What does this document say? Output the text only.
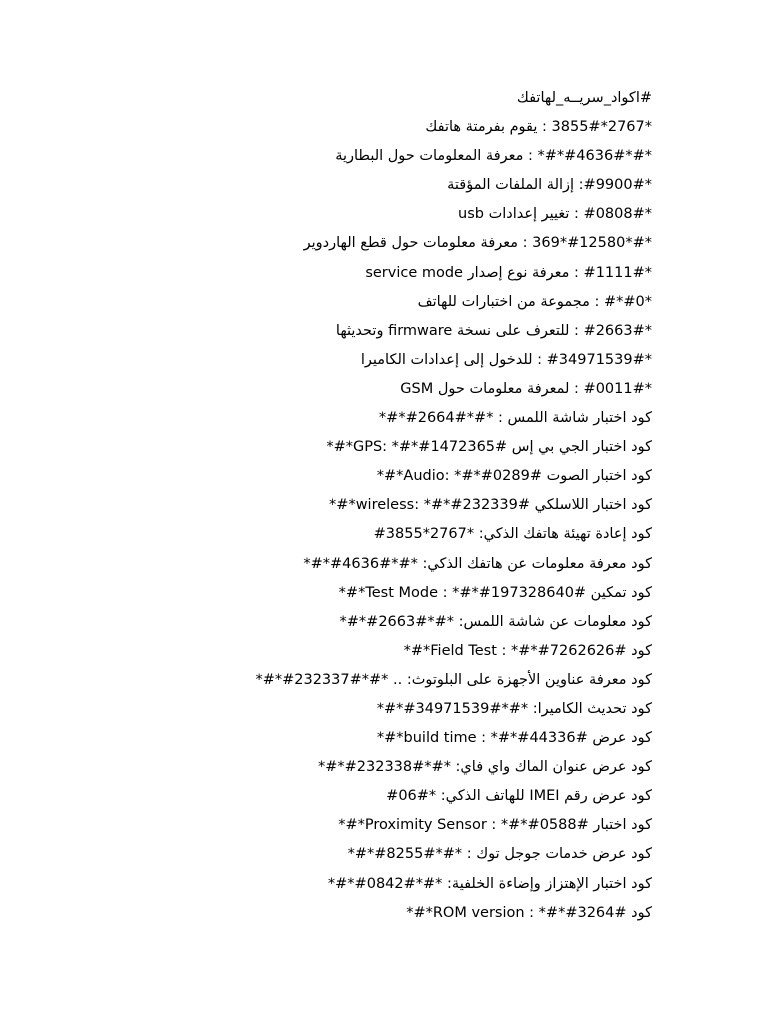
#اكواد_سريــه_لهاتفك
*2767*3855# : يقوم بفرمتة هاتفك
*#*#4636#*#* : معرفة المعلومات حول البطارية
*#9900#: إزالة الملفات المؤقتة
*#0808# : تغيير إعدادات usb
*#*#12580*369 : معرفة معلومات حول قطع الهاردوير
*#1111# : معرفة نوع إصدار service mode
*#0*# : مجموعة من اختبارات للهاتف
*#2663# : للتعرف على نسخة firmware وتحديثها
*#34971539# : للدخول إلى إعدادات الكاميرا
*#0011# : لمعرفة معلومات حول GSM
كود اختبار شاشة اللمس : *#*#2664#*#*
كود اختبار الجي بي إس GPS: *#*#1472365#*#*
كود اختبار الصوت Audio: *#*#0289#*#*
كود اختبار اللاسلكي wireless: *#*#232339#*#*
كود إعادة تهيئة هاتفك الذكي: *2767*3855#
كود معرفة معلومات عن هاتفك الذكي: *#*#4636#*#*
كود تمكين Test Mode : *#*#197328640#*#*
كود معلومات عن شاشة اللمس: *#*#2663#*#*
كود Field Test : *#*#7262626#*#*
كود معرفة عناوين الأجهزة على البلوتوث: .. *#*#232337#*#*
كود تحديث الكاميرا: *#*#34971539#*#*
كود عرض build time : *#*#44336#*#*
كود عرض عنوان الماك واي فاي: *#*#232338#*#*
كود عرض رقم IMEI للهاتف الذكي: *#06#
كود اختبار Proximity Sensor : *#*#0588#*#*
كود عرض خدمات جوجل توك : *#*#8255#*#*
كود اختبار الإهتزاز وإضاءة الخلفية: *#*#0842#*#*
كود ROM version : *#*#3264#*#*
